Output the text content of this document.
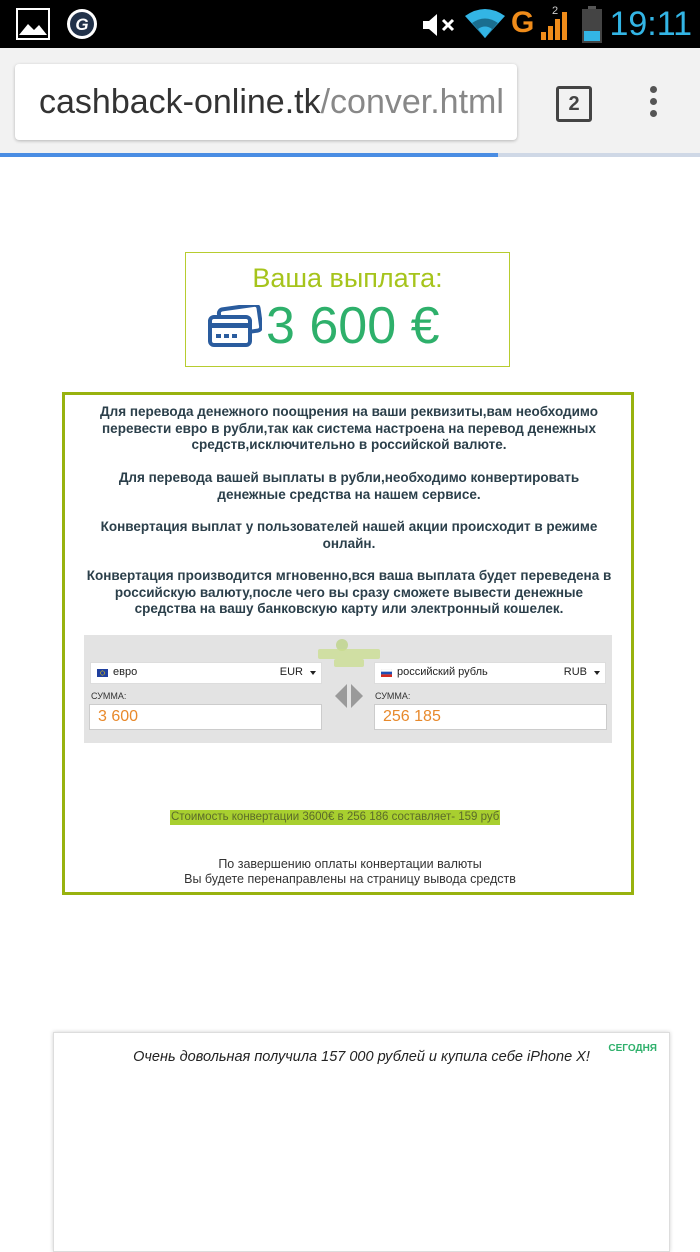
G	G 2 19:11
cashback-online.tk/conver.html	2
Ваша выплата:
3 600 €

Для перевода денежного поощрения на ваши реквизиты,вам необходимо перевести евро в рубли,так как система настроена на перевод денежных средств,исключительно в российской валюте.

Для перевода вашей выплаты в рубли,необходимо конвертировать денежные средства на нашем сервисе.

Конвертация выплат у пользователей нашей акции происходит в режиме онлайн.

Конвертация производится мгновенно,вся ваша выплата будет переведена в российскую валюту,после чего вы сразу сможете вывести денежные средства на вашу банковскую карту или электронный кошелек.

евро	EUR	российский рубль	RUB
СУММА:	СУММА:
3 600	256 185
Стоимость конвертации 3600€ в 256 186 составляет- 159 руб
По завершению оплаты конвертации валюты
Вы будете перенаправлены на страницу вывода средств
СЕГОДНЯ
Очень довольная получила 157 000 рублей и купила себе iPhone X!
